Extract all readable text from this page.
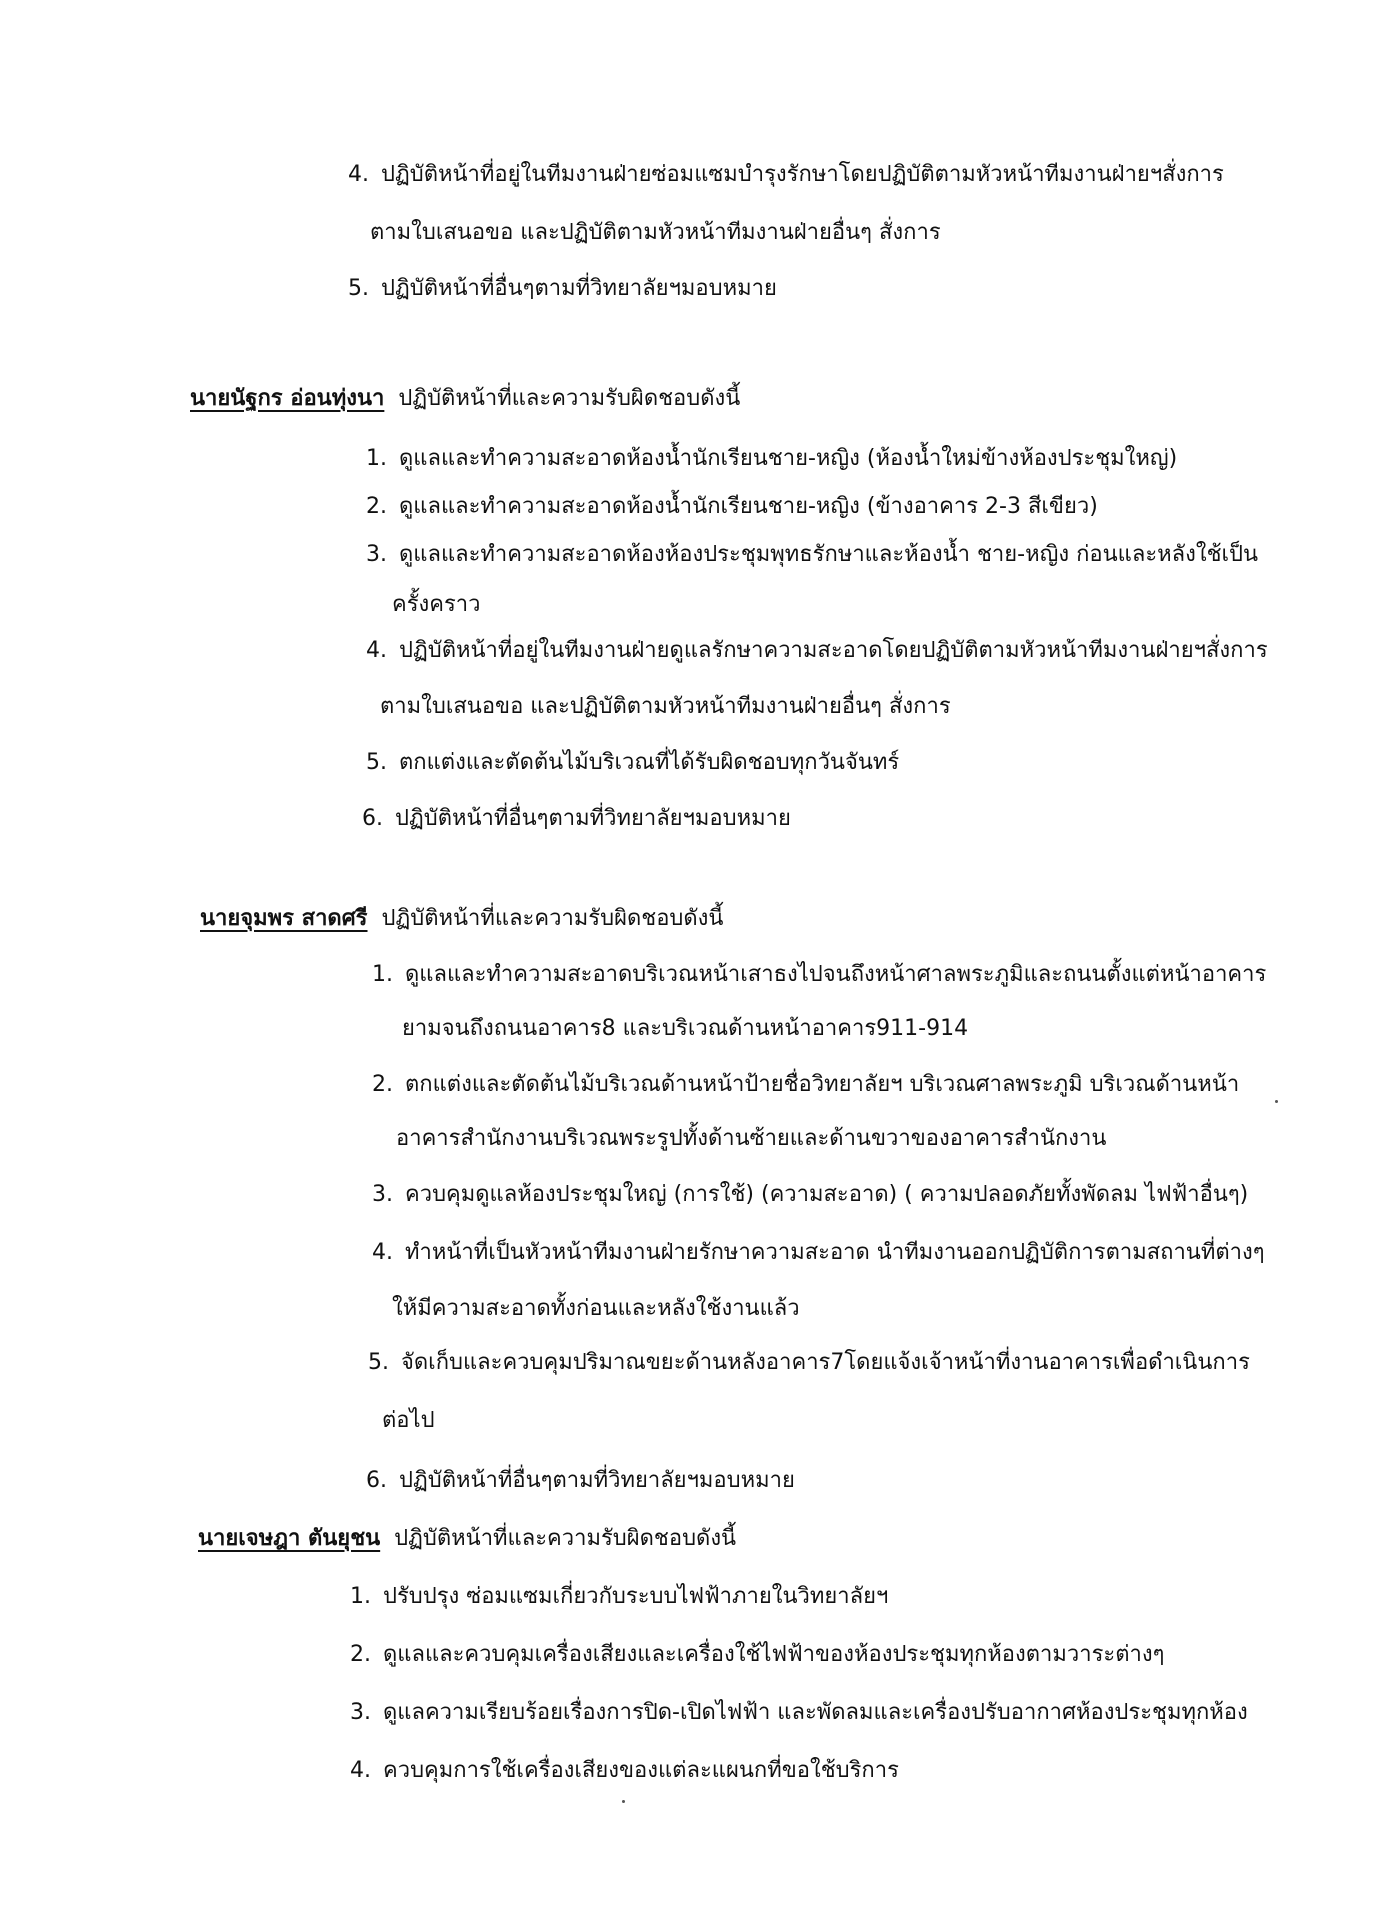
4. ปฏิบัติหน้าที่อยู่ในทีมงานฝ่ายซ่อมแซมบำรุงรักษาโดยปฏิบัติตามหัวหน้าทีมงานฝ่ายฯสั่งการ
ตามใบเสนอขอ และปฏิบัติตามหัวหน้าทีมงานฝ่ายอื่นๆ สั่งการ
5. ปฏิบัติหน้าที่อื่นๆตามที่วิทยาลัยฯมอบหมาย
นายนัฐกร อ่อนทุ่งนา ปฏิบัติหน้าที่และความรับผิดชอบดังนี้
1. ดูแลและทำความสะอาดห้องน้ำนักเรียนชาย-หญิง (ห้องน้ำใหม่ข้างห้องประชุมใหญ่)
2. ดูแลและทำความสะอาดห้องน้ำนักเรียนชาย-หญิง (ข้างอาคาร 2-3 สีเขียว)
3. ดูแลและทำความสะอาดห้องห้องประชุมพุทธรักษาและห้องน้ำ ชาย-หญิง ก่อนและหลังใช้เป็น
ครั้งคราว
4. ปฏิบัติหน้าที่อยู่ในทีมงานฝ่ายดูแลรักษาความสะอาดโดยปฏิบัติตามหัวหน้าทีมงานฝ่ายฯสั่งการ
ตามใบเสนอขอ และปฏิบัติตามหัวหน้าทีมงานฝ่ายอื่นๆ สั่งการ
5. ตกแต่งและตัดต้นไม้บริเวณที่ได้รับผิดชอบทุกวันจันทร์
6. ปฏิบัติหน้าที่อื่นๆตามที่วิทยาลัยฯมอบหมาย
นายจุมพร สาดศรี ปฏิบัติหน้าที่และความรับผิดชอบดังนี้
1. ดูแลและทำความสะอาดบริเวณหน้าเสาธงไปจนถึงหน้าศาลพระภูมิและถนนตั้งแต่หน้าอาคาร
ยามจนถึงถนนอาคาร8 และบริเวณด้านหน้าอาคาร911-914
2. ตกแต่งและตัดต้นไม้บริเวณด้านหน้าป้ายชื่อวิทยาลัยฯ บริเวณศาลพระภูมิ บริเวณด้านหน้า
อาคารสำนักงานบริเวณพระรูปทั้งด้านซ้ายและด้านขวาของอาคารสำนักงาน
3. ควบคุมดูแลห้องประชุมใหญ่ (การใช้) (ความสะอาด) ( ความปลอดภัยทั้งพัดลม ไฟฟ้าอื่นๆ)
4. ทำหน้าที่เป็นหัวหน้าทีมงานฝ่ายรักษาความสะอาด นำทีมงานออกปฏิบัติการตามสถานที่ต่างๆ
ให้มีความสะอาดทั้งก่อนและหลังใช้งานแล้ว
5. จัดเก็บและควบคุมปริมาณขยะด้านหลังอาคาร7โดยแจ้งเจ้าหน้าที่งานอาคารเพื่อดำเนินการ
ต่อไป
6. ปฏิบัติหน้าที่อื่นๆตามที่วิทยาลัยฯมอบหมาย
นายเจษฎา ตันยุชน ปฏิบัติหน้าที่และความรับผิดชอบดังนี้
1. ปรับปรุง ซ่อมแซมเกี่ยวกับระบบไฟฟ้าภายในวิทยาลัยฯ
2. ดูแลและควบคุมเครื่องเสียงและเครื่องใช้ไฟฟ้าของห้องประชุมทุกห้องตามวาระต่างๆ
3. ดูแลความเรียบร้อยเรื่องการปิด-เปิดไฟฟ้า และพัดลมและเครื่องปรับอากาศห้องประชุมทุกห้อง
4. ควบคุมการใช้เครื่องเสียงของแต่ละแผนกที่ขอใช้บริการ
